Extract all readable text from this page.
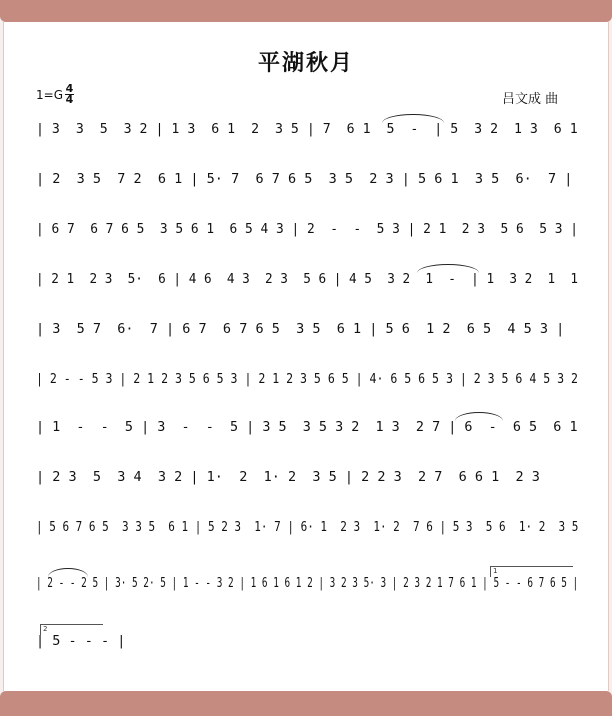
平湖秋月
$1=G \frac{4}{4}$	吕文成 曲
| 3  3  5  3 2 | 1 3  6 1  2  3 5 | 7  6 1  5  -  | 5  3 2  1 3  6 1
| 2  3 5  7 2  6 1 | 5· 7  6 7 6 5  3 5  2 3 | 5 6 1  3 5  6·  7 |
| 6 7  6 7 6 5  3 5 6 1  6 5 4 3 | 2  -  -  5 3 | 2 1  2 3  5 6  5 3 |
| 2 1  2 3  5·  6 | 4 6  4 3  2 3  5 6 | 4 5  3 2  1  -  | 1  3 2  1  1
| 3  5 7  6·  7 | 6 7  6 7 6 5  3 5  6 1 | 5 6  1 2  6 5  4 5 3 |
| 2 - - 5 3 | 2 1 2 3 5 6 5 3 | 2 1 2 3 5 6 5 | 4· 6 5 6 5 3 | 2 3 5 6 4 5 3 2
| 1  -  -  5 | 3  -  -  5 | 3 5  3 5 3 2  1 3  2 7 | 6  -  6 5  6 1
| 2 3  5  3 4  3 2 | 1·  2  1· 2  3 5 | 2 2 3  2 7  6 6 1  2 3
| 5 6 7 6 5  3 3 5  6 1 | 5 2 3  1· 7 | 6· 1  2 3  1· 2  7 6 | 5 3  5 6  1· 2  3 5
| 2 - - 2 5 | 3· 5 2· 5 | 1 - - 3 2 | 1 6 1 6 1 2 | 3 2 3 5· 3 | 2 3 2 1 7 6 1 | 5 - - 6 7 6 5 |
| 5 - - - |
1
2
